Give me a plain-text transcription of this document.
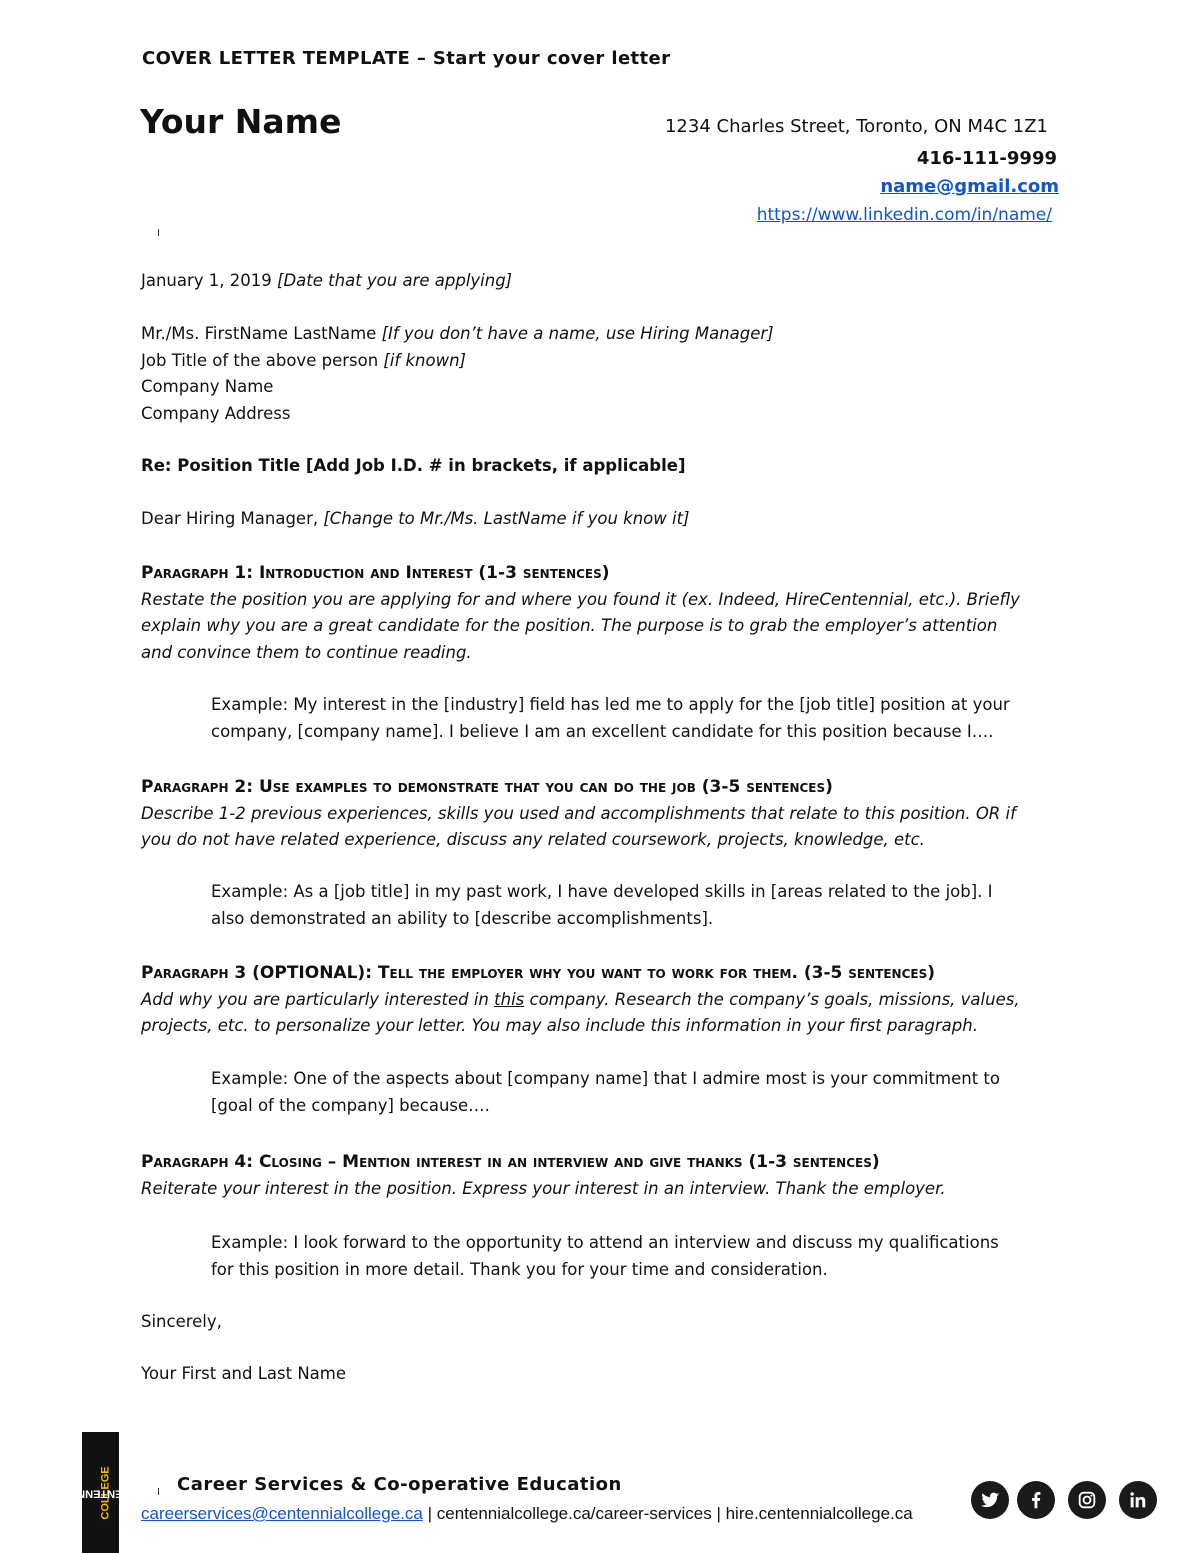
COVER LETTER TEMPLATE – Start your cover letter
Your Name	1234 Charles Street, Toronto, ON M4C 1Z1
416-111-9999
name@gmail.com
https://www.linkedin.com/in/name/
January 1, 2019 [Date that you are applying]
Mr./Ms. FirstName LastName [If you don’t have a name, use Hiring Manager]
Job Title of the above person [if known]
Company Name
Company Address
Re: Position Title [Add Job I.D. # in brackets, if applicable]
Dear Hiring Manager, [Change to Mr./Ms. LastName if you know it]
Paragraph 1: Introduction and Interest (1-3 sentences)
Restate the position you are applying for and where you found it (ex. Indeed, HireCentennial, etc.). Briefly
explain why you are a great candidate for the position. The purpose is to grab the employer’s attention
and convince them to continue reading.
Example: My interest in the [industry] field has led me to apply for the [job title] position at your
company, [company name]. I believe I am an excellent candidate for this position because I….
Paragraph 2: Use examples to demonstrate that you can do the job (3-5 sentences)
Describe 1-2 previous experiences, skills you used and accomplishments that relate to this position. OR if
you do not have related experience, discuss any related coursework, projects, knowledge, etc.
Example: As a [job title] in my past work, I have developed skills in [areas related to the job]. I
also demonstrated an ability to [describe accomplishments].
Paragraph 3 (OPTIONAL): Tell the employer why you want to work for them. (3-5 sentences)
Add why you are particularly interested in this company. Research the company’s goals, missions, values,
projects, etc. to personalize your letter. You may also include this information in your first paragraph.
Example: One of the aspects about [company name] that I admire most is your commitment to
[goal of the company] because….
Paragraph 4: Closing – Mention interest in an interview and give thanks (1-3 sentences)
Reiterate your interest in the position. Express your interest in an interview. Thank the employer.
Example: I look forward to the opportunity to attend an interview and discuss my qualifications
for this position in more detail. Thank you for your time and consideration.
Sincerely,
Your First and Last Name
CENTENNIAL
COLLEGE	Career Services & Co-operative Education
careerservices@centennialcollege.ca | centennialcollege.ca/career-services | hire.centennialcollege.ca
